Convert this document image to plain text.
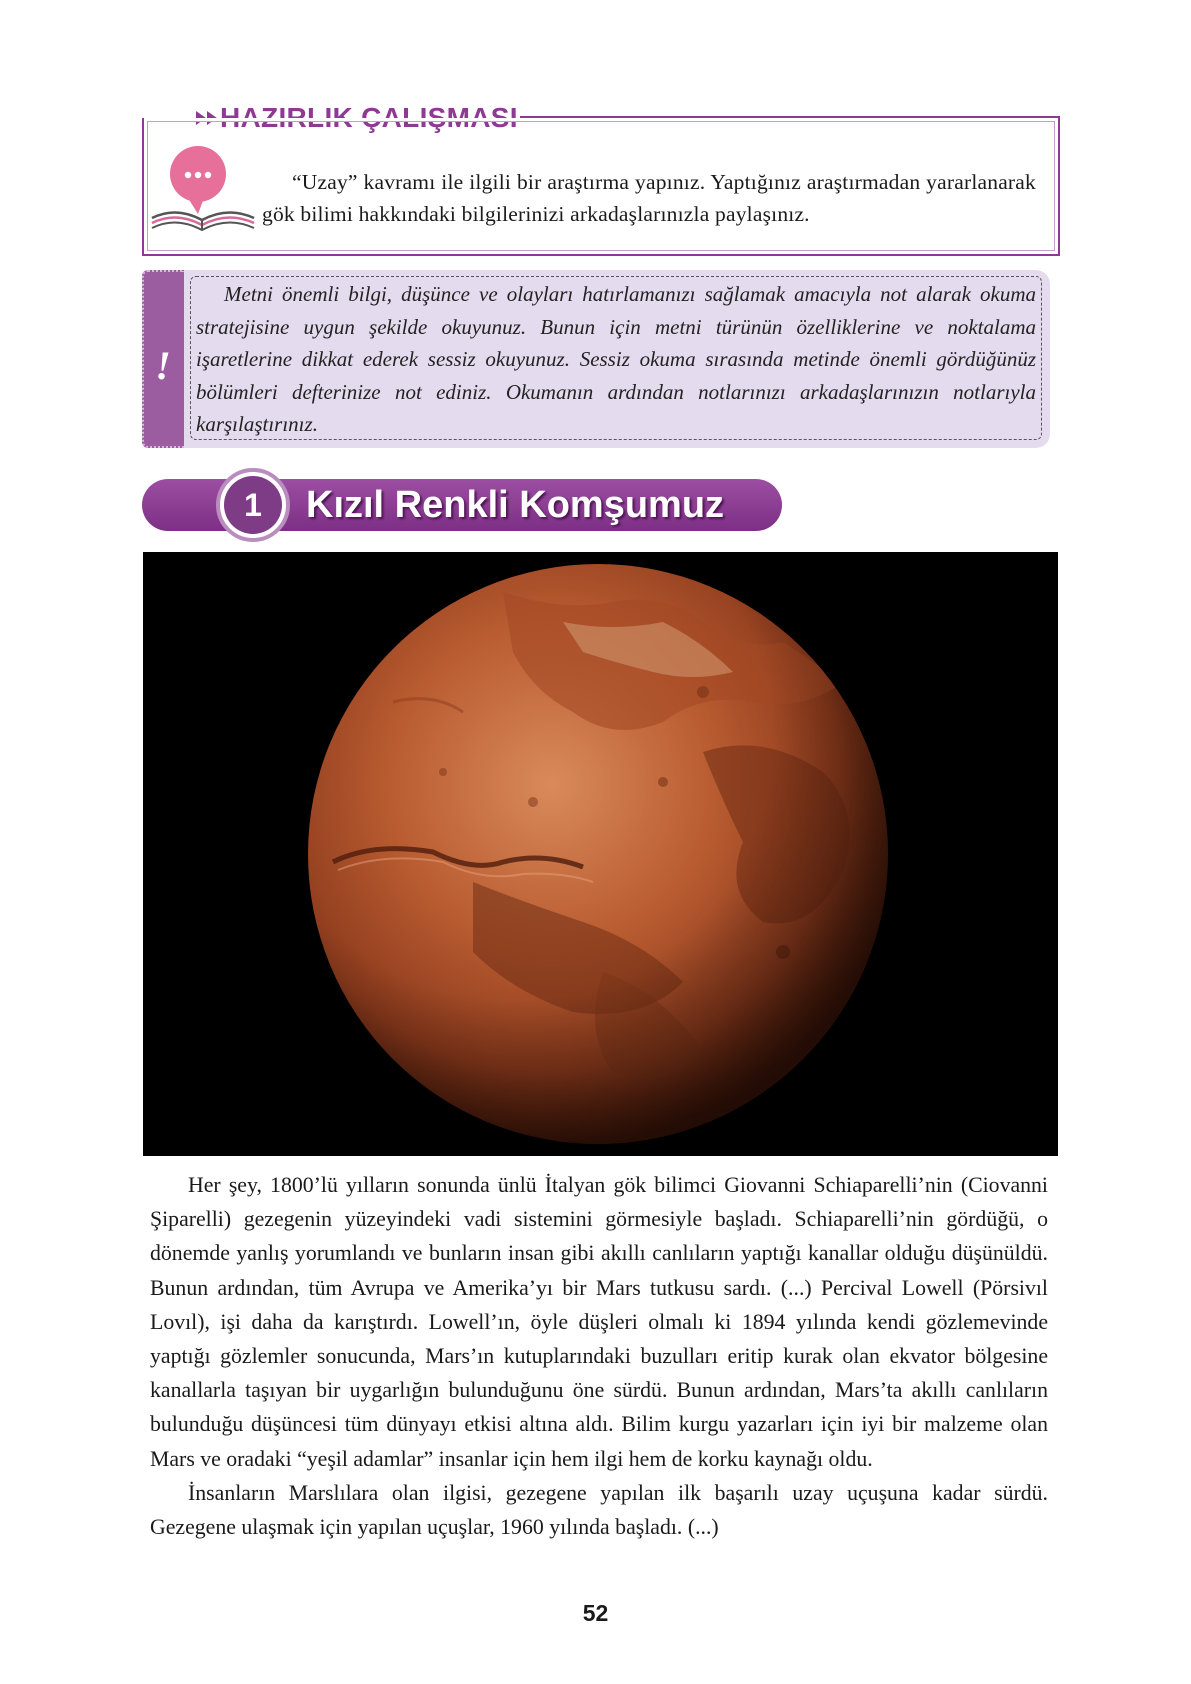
HAZIRLIK ÇALIŞMASI
“Uzay” kavramı ile ilgili bir araştırma yapınız. Yaptığınız araştırmadan yararlanarak gök bilimi hakkındaki bilgilerinizi arkadaşlarınızla paylaşınız.
!
Metni önemli bilgi, düşünce ve olayları hatırlamanızı sağlamak amacıyla not alarak okuma stratejisine uygun şekilde okuyunuz. Bunun için metni türünün özelliklerine ve noktalama işaretlerine dikkat ederek sessiz okuyunuz. Sessiz okuma sırasında metinde önemli gördüğünüz bölümleri defterinize not ediniz. Okumanın ardından notlarınızı arkadaşlarınızın notlarıyla karşılaştırınız.
1	Kızıl Renkli Komşumuz

Her şey, 1800’lü yılların sonunda ünlü İtalyan gök bilimci Giovanni Schiaparelli’nin (Ciovanni Şiparelli) gezegenin yüzeyindeki vadi sistemini görmesiyle başladı. Schiaparelli’nin gördüğü, o dönemde yanlış yorumlandı ve bunların insan gibi akıllı canlıların yaptığı kanallar olduğu düşünüldü. Bunun ardından, tüm Avrupa ve Amerika’yı bir Mars tutkusu sardı. (...) Percival Lowell (Pörsivıl Lovıl), işi daha da karıştırdı. Lowell’ın, öyle düşleri olmalı ki 1894 yılında kendi gözlemevinde yaptığı gözlemler sonucunda, Mars’ın kutuplarındaki buzulları eritip kurak olan ekvator bölgesine kanallarla taşıyan bir uygarlığın bulunduğunu öne sürdü. Bunun ardından, Mars’ta akıllı canlıların bulunduğu düşüncesi tüm dünyayı etkisi altına aldı. Bilim kurgu yazarları için iyi bir malzeme olan Mars ve oradaki “yeşil adamlar” insanlar için hem ilgi hem de korku kaynağı oldu.

İnsanların Marslılara olan ilgisi, gezegene yapılan ilk başarılı uzay uçuşuna kadar sürdü. Gezegene ulaşmak için yapılan uçuşlar, 1960 yılında başladı. (...)

52
